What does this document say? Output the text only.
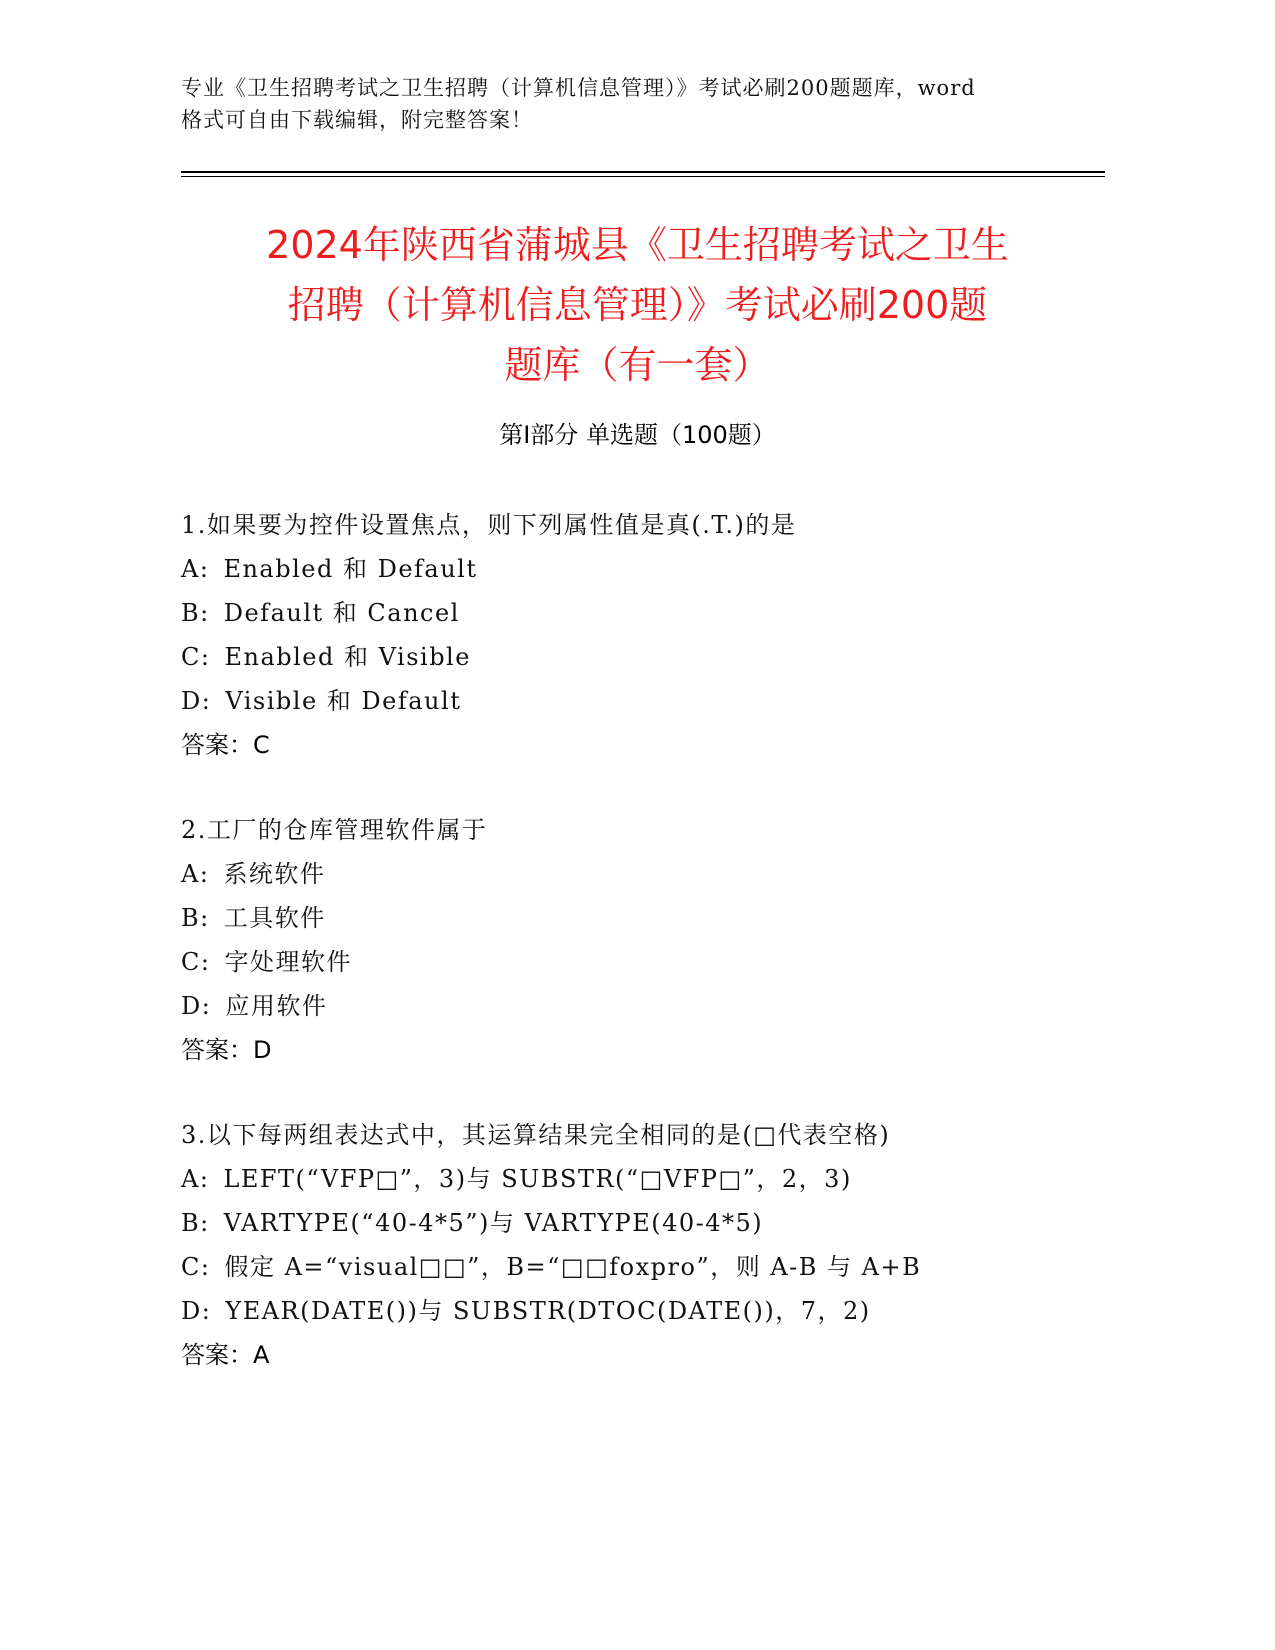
专业《卫生招聘考试之卫生招聘（计算机信息管理）》考试必刷200题题库，word
格式可自由下载编辑，附完整答案！
2024年陕西省蒲城县《卫生招聘考试之卫生
招聘（计算机信息管理）》考试必刷200题
题库（有一套）
第Ⅰ部分 单选题（100题）
1.如果要为控件设置焦点，则下列属性值是真(.T.)的是
A: Enabled 和 Default
B: Default 和 Cancel
C: Enabled 和 Visible
D: Visible 和 Default
答案：C
2.工厂的仓库管理软件属于
A: 系统软件
B: 工具软件
C: 字处理软件
D: 应用软件
答案：D
3.以下每两组表达式中，其运算结果完全相同的是(□代表空格)
A: LEFT(“VFP□”，3)与 SUBSTR(“□VFP□”，2，3)
B: VARTYPE(“40-4*5”)与 VARTYPE(40-4*5)
C: 假定 A=“visual□□”，B=“□□foxpro”，则 A-B 与 A+B
D: YEAR(DATE())与 SUBSTR(DTOC(DATE())，7，2)
答案：A
